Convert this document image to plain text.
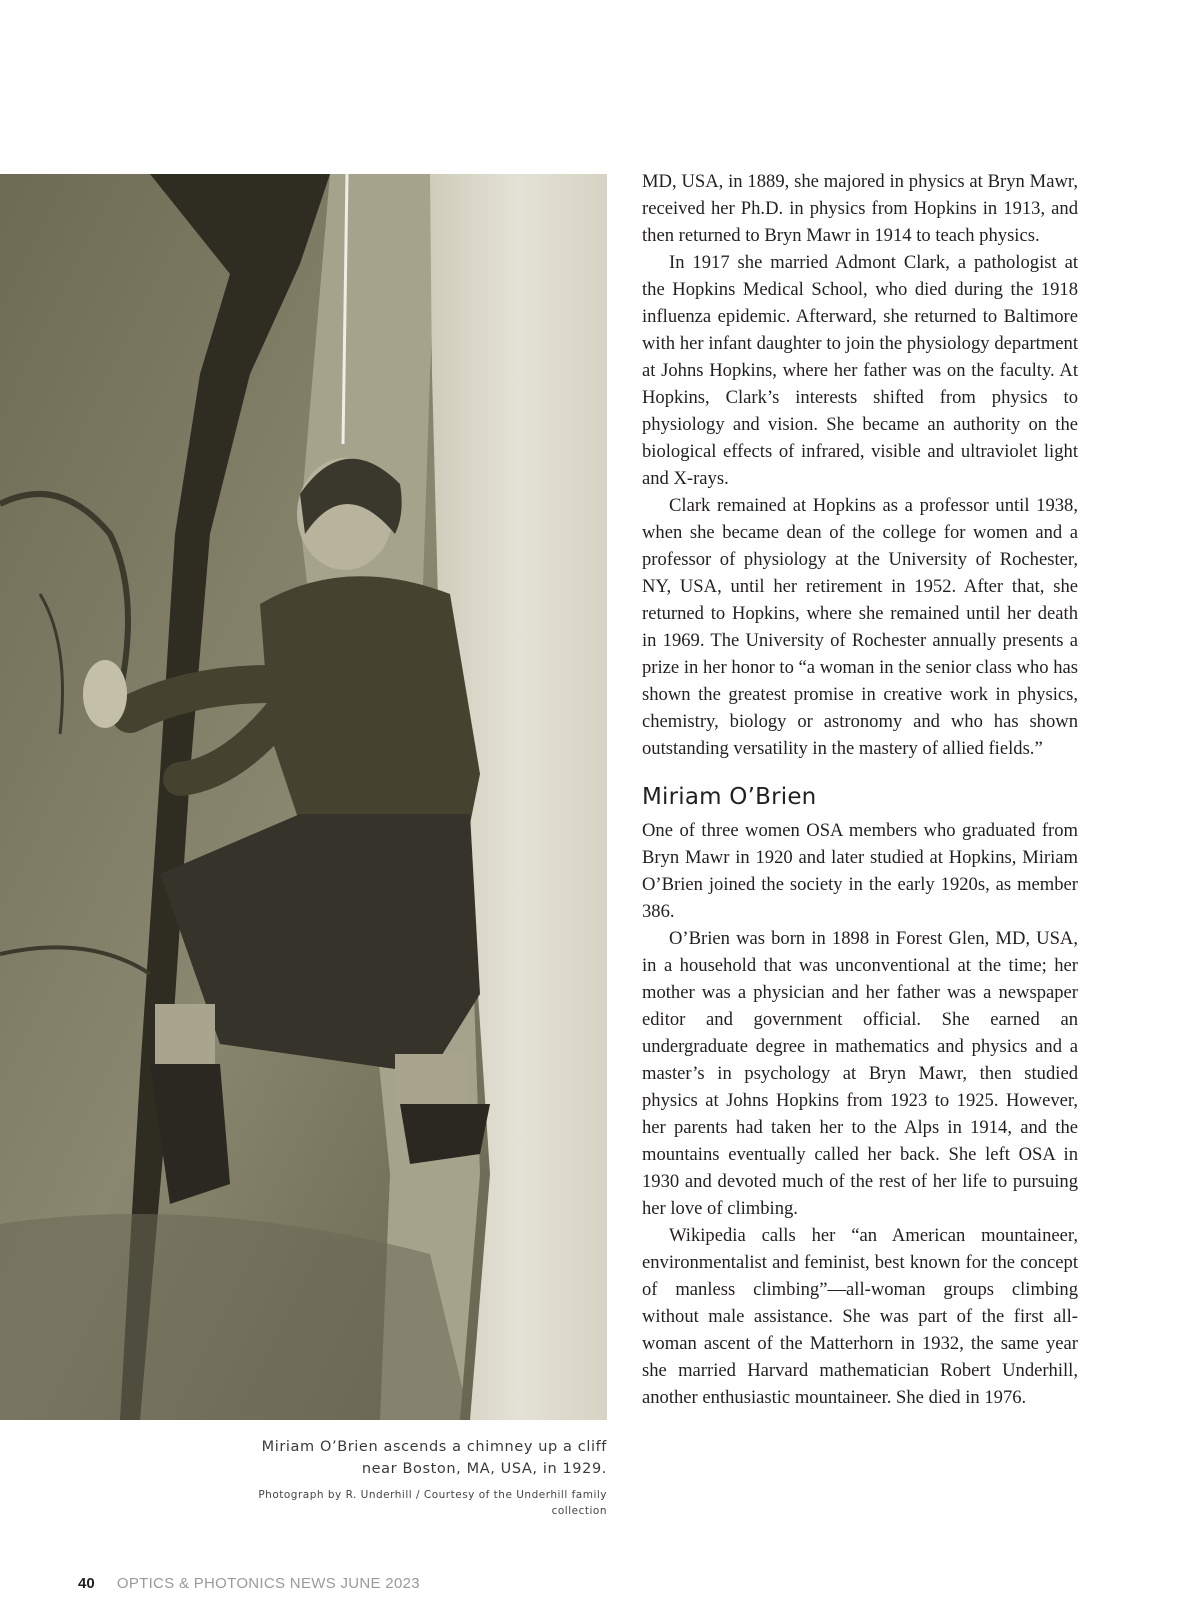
Miriam O’Brien ascends a chimney up a cliff near Boston, MA, USA, in 1929.
Photograph by R. Underhill / Courtesy of the Underhill family collection

MD, USA, in 1889, she majored in physics at Bryn Mawr, received her Ph.D. in physics from Hopkins in 1913, and then returned to Bryn Mawr in 1914 to teach physics.

In 1917 she married Admont Clark, a pathologist at the Hopkins Medical School, who died during the 1918 influenza epidemic. Afterward, she returned to Baltimore with her infant daughter to join the physiology department at Johns Hopkins, where her father was on the faculty. At Hopkins, Clark’s interests shifted from physics to physiology and vision. She became an authority on the biological effects of infrared, visible and ultraviolet light and X-rays.

Clark remained at Hopkins as a professor until 1938, when she became dean of the college for women and a professor of physiology at the University of Rochester, NY, USA, until her retirement in 1952. After that, she returned to Hopkins, where she remained until her death in 1969. The University of Rochester annually presents a prize in her honor to “a woman in the senior class who has shown the greatest promise in creative work in physics, chemistry, biology or astronomy and who has shown outstanding versatility in the mastery of allied fields.”

Miriam O’Brien

One of three women OSA members who graduated from Bryn Mawr in 1920 and later studied at Hopkins, Miriam O’Brien joined the society in the early 1920s, as member 386.

O’Brien was born in 1898 in Forest Glen, MD, USA, in a household that was unconventional at the time; her mother was a physician and her father was a newspaper editor and government official. She earned an undergraduate degree in mathematics and physics and a master’s in psychology at Bryn Mawr, then studied physics at Johns Hopkins from 1923 to 1925. However, her parents had taken her to the Alps in 1914, and the mountains eventually called her back. She left OSA in 1930 and devoted much of the rest of her life to pursuing her love of climbing.

Wikipedia calls her “an American mountaineer, environmentalist and feminist, best known for the concept of manless climbing”—all-woman groups climbing without male assistance. She was part of the first all-woman ascent of the Matterhorn in 1932, the same year she married Harvard mathematician Robert Underhill, another enthusiastic mountaineer. She died in 1976.

40 OPTICS & PHOTONICS NEWS JUNE 2023
